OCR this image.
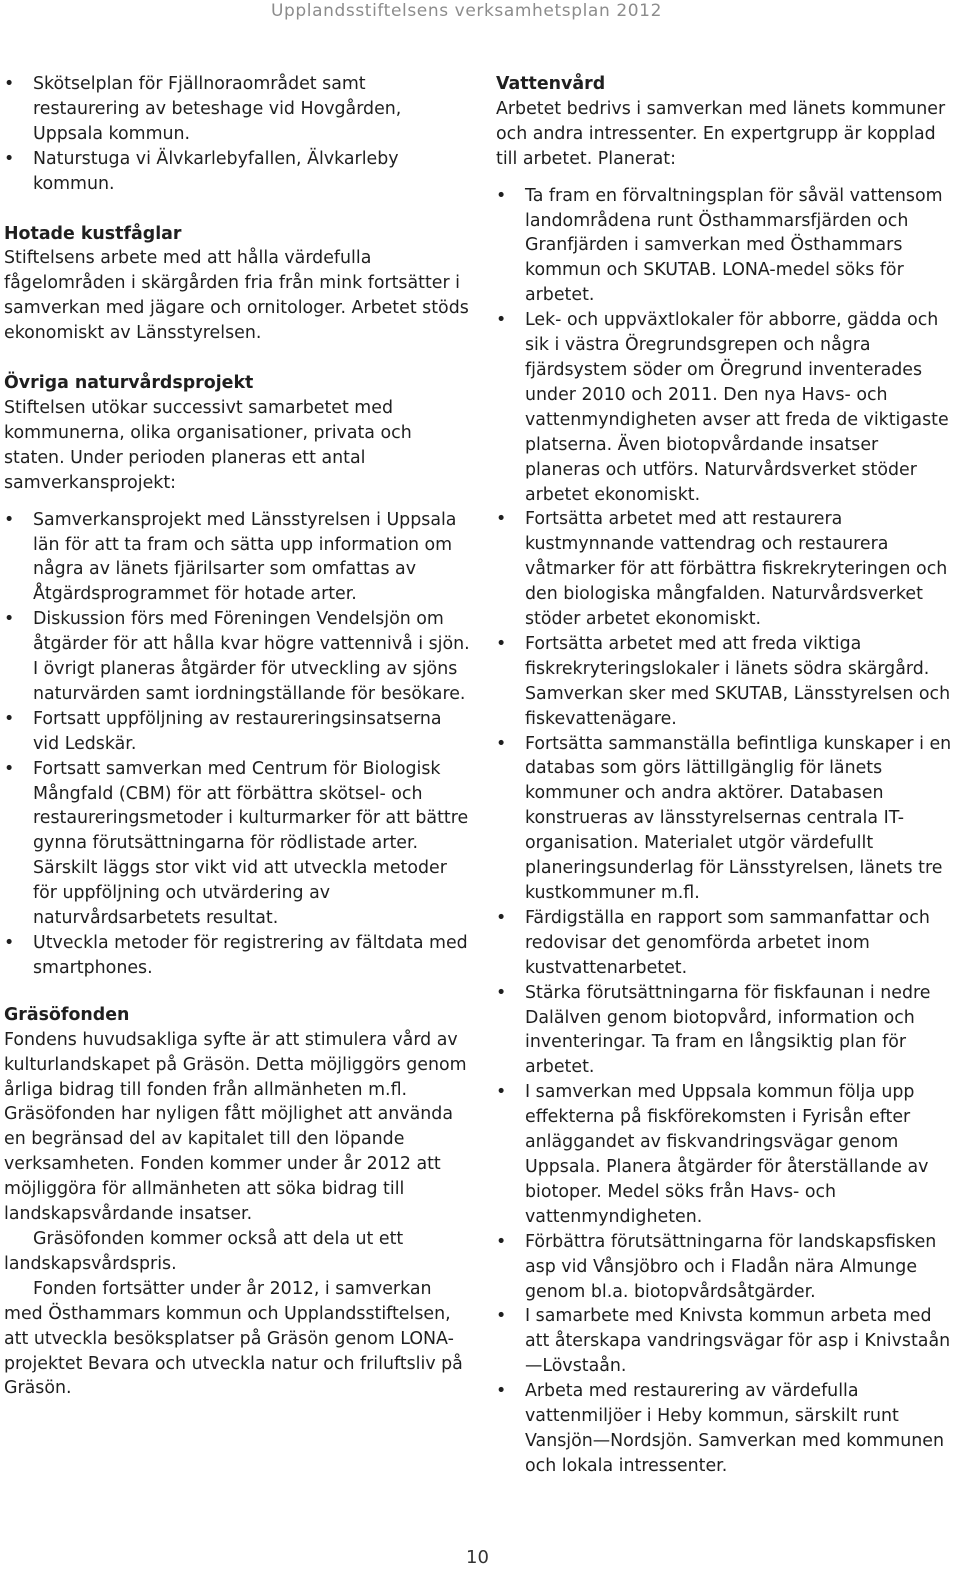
Upplandsstiftelsens verksamhetsplan 2012
• Skötselplan för Fjällnoraområdet samt restaurering av beteshage vid Hovgården, Uppsala kommun.
• Naturstuga vi Älvkarlebyfallen, Älvkarleby kommun.

Hotade kustfåglar

Stiftelsens arbete med att hålla värdefulla fågelområden i skärgården fria från mink fortsätter i samverkan med jägare och ornitologer. Arbetet stöds ekonomiskt av Länsstyrelsen.

Övriga naturvårdsprojekt

Stiftelsen utökar successivt samarbetet med kommunerna, olika organisationer, privata och staten. Under perioden planeras ett antal samverkansprojekt:

• Samverkansprojekt med Länsstyrelsen i Uppsala län för att ta fram och sätta upp information om några av länets fjärilsarter som omfattas av Åtgärdsprogrammet för hotade arter.
• Diskussion förs med Föreningen Vendelsjön om åtgärder för att hålla kvar högre vattennivå i sjön. I övrigt planeras åtgärder för utveckling av sjöns naturvärden samt iordningställande för besökare.
• Fortsatt uppföljning av restaureringsinsatserna vid Ledskär.
• Fortsatt samverkan med Centrum för Biologisk Mångfald (CBM) för att förbättra skötsel- och restaureringsmetoder i kulturmarker för att bättre gynna förutsättningarna för rödlistade arter. Särskilt läggs stor vikt vid att utveckla metoder för uppföljning och utvärdering av naturvårdsarbetets resultat.
• Utveckla metoder för registrering av fältdata med smartphones.

Gräsöfonden

Fondens huvudsakliga syfte är att stimulera vård av kulturlandskapet på Gräsön. Detta möjliggörs genom årliga bidrag till fonden från allmänheten m.fl. Gräsöfonden har nyligen fått möjlighet att använda en begränsad del av kapitalet till den löpande verksamheten. Fonden kommer under år 2012 att möjliggöra för allmänheten att söka bidrag till landskapsvårdande insatser.

Gräsöfonden kommer också att dela ut ett landskapsvårdspris.

Fonden fortsätter under år 2012, i samverkan med Östhammars kommun och Upplandsstiftelsen, att utveckla besöksplatser på Gräsön genom LONA-projektet Bevara och utveckla natur och friluftsliv på Gräsön.

Vattenvård

Arbetet bedrivs i samverkan med länets kommuner och andra intressenter. En expertgrupp är kopplad till arbetet. Planerat:

• Ta fram en förvaltningsplan för såväl vattensom landområdena runt Östhammarsfjärden och Granfjärden i samverkan med Östhammars kommun och SKUTAB. LONA-medel söks för arbetet.
• Lek- och uppväxtlokaler för abborre, gädda och sik i västra Öregrundsgrepen och några fjärdsystem söder om Öregrund inventerades under 2010 och 2011. Den nya Havs- och vattenmyndigheten avser att freda de viktigaste platserna. Även biotopvårdande insatser planeras och utförs. Naturvårdsverket stöder arbetet ekonomiskt.
• Fortsätta arbetet med att restaurera kustmynnande vattendrag och restaurera våtmarker för att förbättra fiskrekryteringen och den biologiska mångfalden. Naturvårdsverket stöder arbetet ekonomiskt.
• Fortsätta arbetet med att freda viktiga fiskrekryteringslokaler i länets södra skärgård. Samverkan sker med SKUTAB, Länsstyrelsen och fiskevattenägare.
• Fortsätta sammanställa befintliga kunskaper i en databas som görs lättillgänglig för länets kommuner och andra aktörer. Databasen konstrueras av länsstyrelsernas centrala IT-organisation. Materialet utgör värdefullt planeringsunderlag för Länsstyrelsen, länets tre kustkommuner m.fl.
• Färdigställa en rapport som sammanfattar och redovisar det genomförda arbetet inom kustvattenarbetet.
• Stärka förutsättningarna för fiskfaunan i nedre Dalälven genom biotopvård, information och inventeringar. Ta fram en långsiktig plan för arbetet.
• I samverkan med Uppsala kommun följa upp effekterna på fiskförekomsten i Fyrisån efter anläggandet av fiskvandringsvägar genom Uppsala. Planera åtgärder för återställande av biotoper. Medel söks från Havs- och vattenmyndigheten.
• Förbättra förutsättningarna för landskapsfisken asp vid Vånsjöbro och i Fladån nära Almunge genom bl.a. biotopvårdsåtgärder.
• I samarbete med Knivsta kommun arbeta med att återskapa vandringsvägar för asp i Knivstaån—Lövstaån.
• Arbeta med restaurering av värdefulla vattenmiljöer i Heby kommun, särskilt runt Vansjön—Nordsjön. Samverkan med kommunen och lokala intressenter.
10
